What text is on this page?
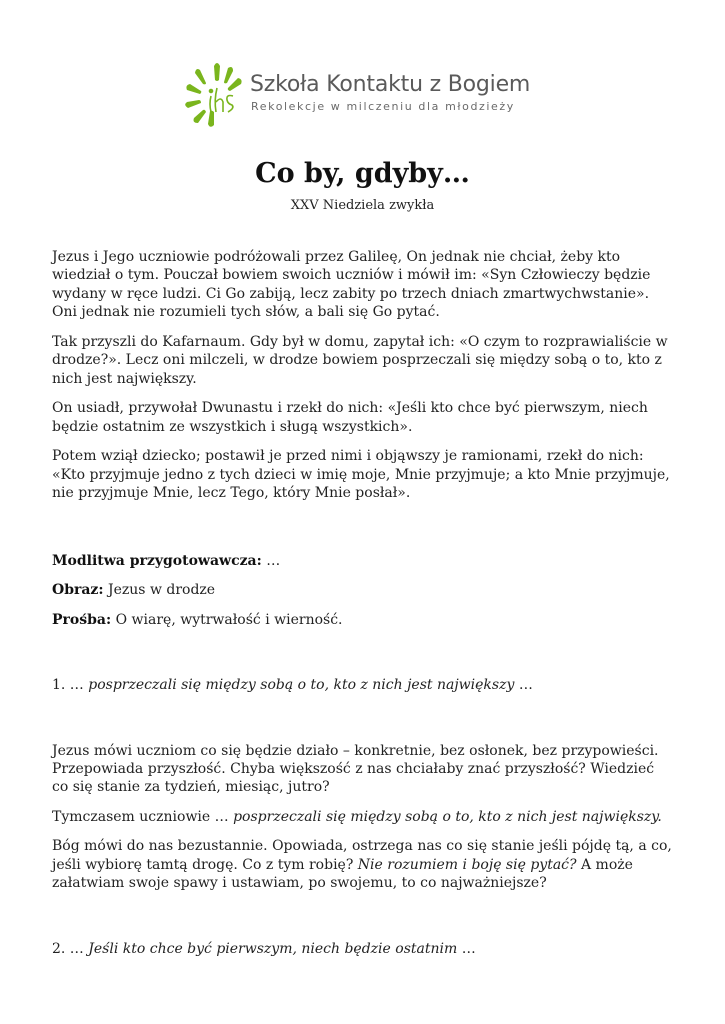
Szkoła Kontaktu z Bogiem
Rekolekcje w milczeniu dla młodzieży
Co by, gdyby…
XXV Niedziela zwykła

Jezus i Jego uczniowie podróżowali przez Galileę, On jednak nie chciał, żeby kto wiedział o tym. Pouczał bowiem swoich uczniów i mówił im: «Syn Człowieczy będzie wydany w ręce ludzi. Ci Go zabiją, lecz zabity po trzech dniach zmartwychwstanie». Oni jednak nie rozumieli tych słów, a bali się Go pytać.

Tak przyszli do Kafarnaum. Gdy był w domu, zapytał ich: «O czym to rozprawialiście w drodze?». Lecz oni milczeli, w drodze bowiem posprzeczali się między sobą o to, kto z nich jest największy.

On usiadł, przywołał Dwunastu i rzekł do nich: «Jeśli kto chce być pierwszym, niech będzie ostatnim ze wszystkich i sługą wszystkich».

Potem wziął dziecko; postawił je przed nimi i objąwszy je ramionami, rzekł do nich: «Kto przyjmuje jedno z tych dzieci w imię moje, Mnie przyjmuje; a kto Mnie przyjmuje, nie przyjmuje Mnie, lecz Tego, który Mnie posłał».

Modlitwa przygotowawcza: …

Obraz: Jezus w drodze

Prośba: O wiarę, wytrwałość i wierność.

1. … posprzeczali się między sobą o to, kto z nich jest największy …

Jezus mówi uczniom co się będzie działo – konkretnie, bez osłonek, bez przypowieści. Przepowiada przyszłość. Chyba większość z nas chciałaby znać przyszłość? Wiedzieć co się stanie za tydzień, miesiąc, jutro?

Tymczasem uczniowie … posprzeczali się między sobą o to, kto z nich jest największy.

Bóg mówi do nas bezustannie. Opowiada, ostrzega nas co się stanie jeśli pójdę tą, a co, jeśli wybiorę tamtą drogę. Co z tym robię? Nie rozumiem i boję się pytać? A może załatwiam swoje spawy i ustawiam, po swojemu, to co najważniejsze?

2. … Jeśli kto chce być pierwszym, niech będzie ostatnim …
